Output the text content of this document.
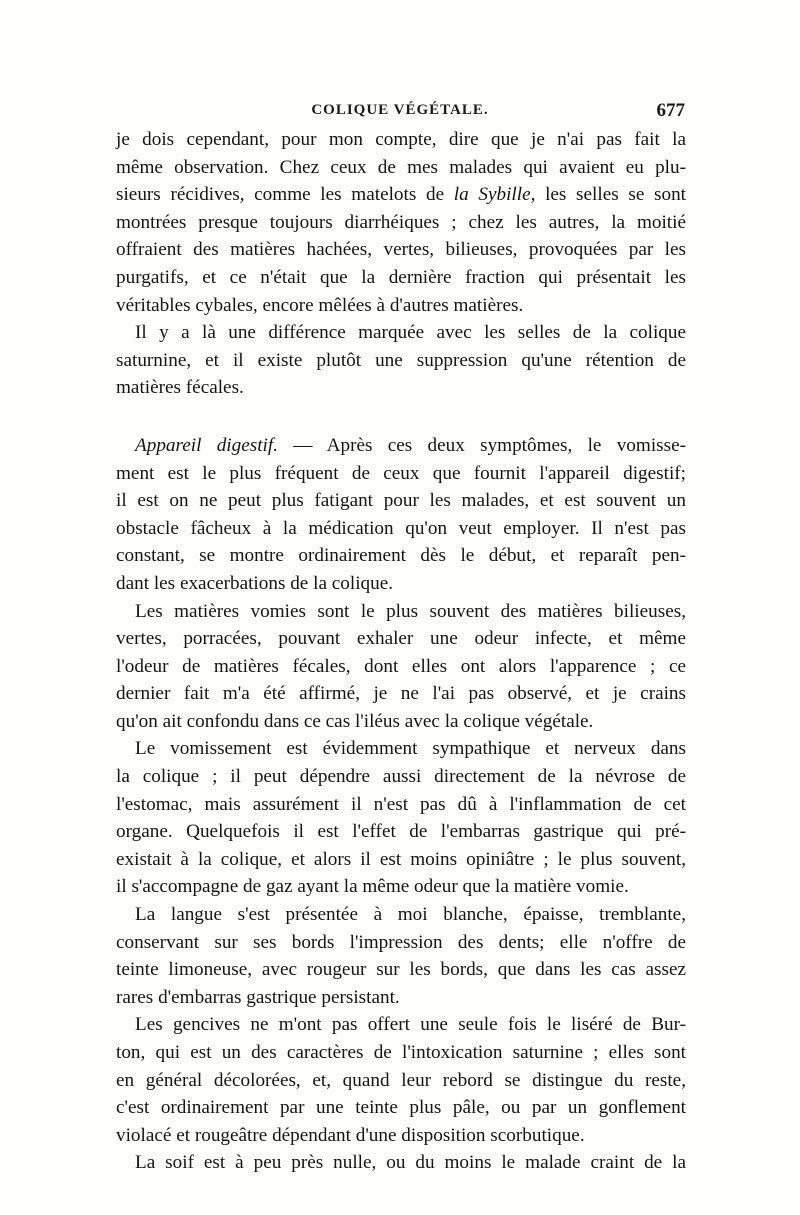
COLIQUE VÉGÉTALE.	677
je dois cependant, pour mon compte, dire que je n'ai pas fait la
même observation. Chez ceux de mes malades qui avaient eu plu-
sieurs récidives, comme les matelots de la Sybille, les selles se sont
montrées presque toujours diarrhéiques ; chez les autres, la moitié
offraient des matières hachées, vertes, bilieuses, provoquées par les
purgatifs, et ce n'était que la dernière fraction qui présentait les
véritables cybales, encore mêlées à d'autres matières.
Il y a là une différence marquée avec les selles de la colique
saturnine, et il existe plutôt une suppression qu'une rétention de
matières fécales.
Appareil digestif. — Après ces deux symptômes, le vomisse-
ment est le plus fréquent de ceux que fournit l'appareil digestif;
il est on ne peut plus fatigant pour les malades, et est souvent un
obstacle fâcheux à la médication qu'on veut employer. Il n'est pas
constant, se montre ordinairement dès le début, et reparaît pen-
dant les exacerbations de la colique.
Les matières vomies sont le plus souvent des matières bilieuses,
vertes, porracées, pouvant exhaler une odeur infecte, et même
l'odeur de matières fécales, dont elles ont alors l'apparence ; ce
dernier fait m'a été affirmé, je ne l'ai pas observé, et je crains
qu'on ait confondu dans ce cas l'iléus avec la colique végétale.
Le vomissement est évidemment sympathique et nerveux dans
la colique ; il peut dépendre aussi directement de la névrose de
l'estomac, mais assurément il n'est pas dû à l'inflammation de cet
organe. Quelquefois il est l'effet de l'embarras gastrique qui pré-
existait à la colique, et alors il est moins opiniâtre ; le plus souvent,
il s'accompagne de gaz ayant la même odeur que la matière vomie.
La langue s'est présentée à moi blanche, épaisse, tremblante,
conservant sur ses bords l'impression des dents; elle n'offre de
teinte limoneuse, avec rougeur sur les bords, que dans les cas assez
rares d'embarras gastrique persistant.
Les gencives ne m'ont pas offert une seule fois le liséré de Bur-
ton, qui est un des caractères de l'intoxication saturnine ; elles sont
en général décolorées, et, quand leur rebord se distingue du reste,
c'est ordinairement par une teinte plus pâle, ou par un gonflement
violacé et rougeâtre dépendant d'une disposition scorbutique.
La soif est à peu près nulle, ou du moins le malade craint de la
